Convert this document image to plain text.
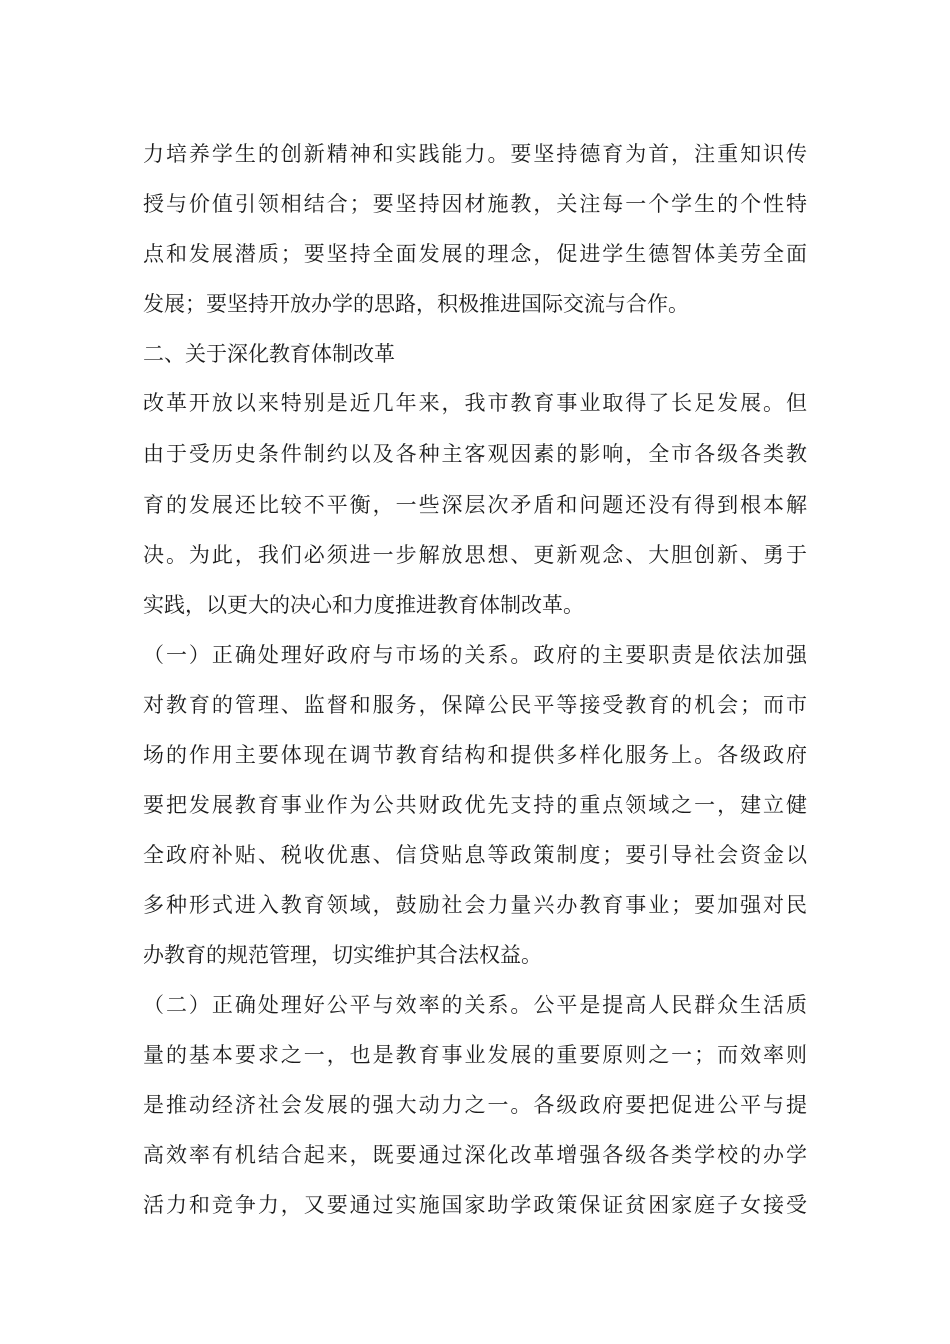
力培养学生的创新精神和实践能力。要坚持德育为首，注重知识传
授与价值引领相结合；要坚持因材施教，关注每一个学生的个性特
点和发展潜质；要坚持全面发展的理念，促进学生德智体美劳全面
发展；要坚持开放办学的思路，积极推进国际交流与合作。
二、关于深化教育体制改革
改革开放以来特别是近几年来，我市教育事业取得了长足发展。但
由于受历史条件制约以及各种主客观因素的影响，全市各级各类教
育的发展还比较不平衡，一些深层次矛盾和问题还没有得到根本解
决。为此，我们必须进一步解放思想、更新观念、大胆创新、勇于
实践，以更大的决心和力度推进教育体制改革。
（一）正确处理好政府与市场的关系。政府的主要职责是依法加强
对教育的管理、监督和服务，保障公民平等接受教育的机会；而市
场的作用主要体现在调节教育结构和提供多样化服务上。各级政府
要把发展教育事业作为公共财政优先支持的重点领域之一，建立健
全政府补贴、税收优惠、信贷贴息等政策制度；要引导社会资金以
多种形式进入教育领域，鼓励社会力量兴办教育事业；要加强对民
办教育的规范管理，切实维护其合法权益。
（二）正确处理好公平与效率的关系。公平是提高人民群众生活质
量的基本要求之一，也是教育事业发展的重要原则之一；而效率则
是推动经济社会发展的强大动力之一。各级政府要把促进公平与提
高效率有机结合起来，既要通过深化改革增强各级各类学校的办学
活力和竞争力，又要通过实施国家助学政策保证贫困家庭子女接受
